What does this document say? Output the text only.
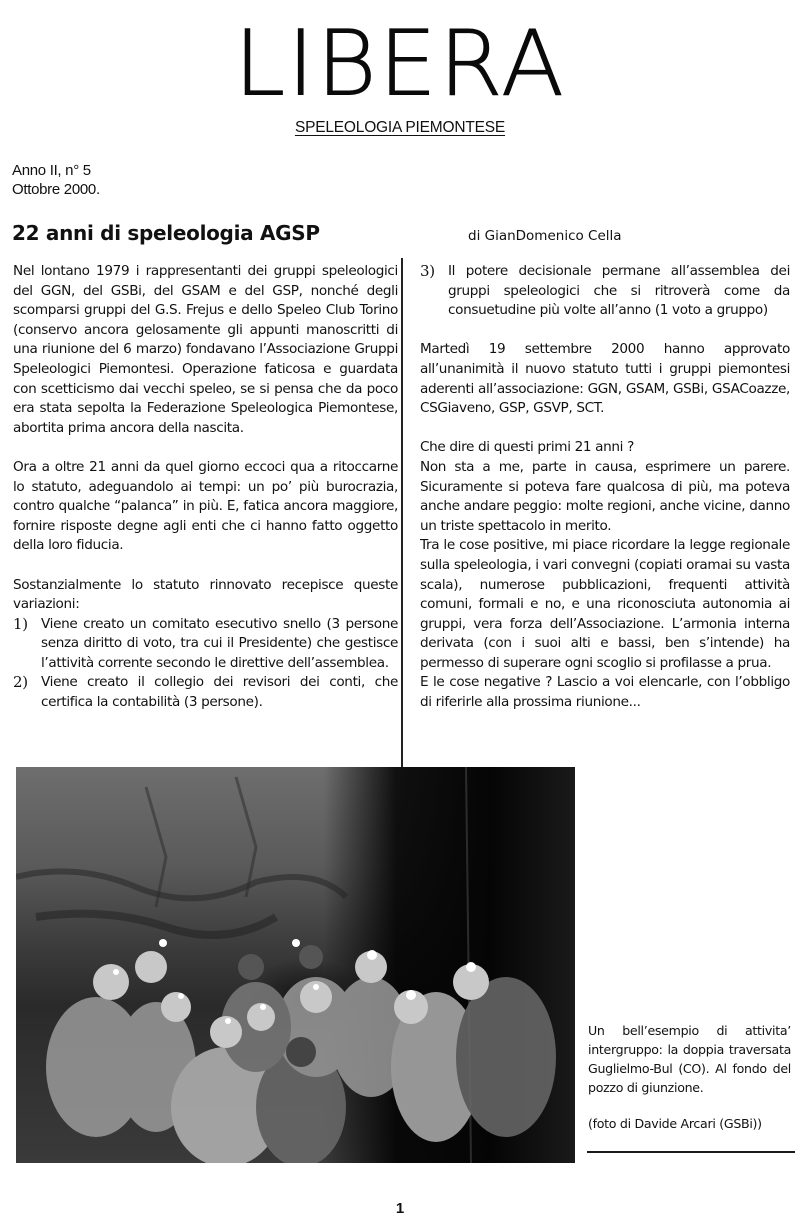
LIBERA
SPELEOLOGIA PIEMONTESE
Anno II, n° 5
Ottobre 2000.
22 anni di speleologia AGSP	di GianDomenico Cella

Nel lontano 1979 i rappresentanti dei gruppi speleologici del GGN, del GSBi, del GSAM e del GSP, nonché degli scomparsi gruppi del G.S. Frejus e dello Speleo Club Torino (conservo ancora gelosamente gli appunti manoscritti di una riunione del 6 marzo) fondavano l’Associazione Gruppi Speleologici Piemontesi. Operazione faticosa e guardata con scetticismo dai vecchi speleo, se si pensa che da poco era stata sepolta la Federazione Speleologica Piemontese, abortita prima ancora della nascita.

Ora a oltre 21 anni da quel giorno eccoci qua a ritoccarne lo statuto, adeguandolo ai tempi: un po’ più burocrazia, contro qualche “palanca” in più. E, fatica ancora maggiore, fornire risposte degne agli enti che ci hanno fatto oggetto della loro fiducia.

Sostanzialmente lo statuto rinnovato recepisce queste variazioni:

1) Viene creato un comitato esecutivo snello (3 persone senza diritto di voto, tra cui il Presidente) che gestisce l’attività corrente secondo le direttive dell’assemblea.

2) Viene creato il collegio dei revisori dei conti, che certifica la contabilità (3 persone).

3) Il potere decisionale permane all’assemblea dei gruppi speleologici che si ritroverà come da consuetudine più volte all’anno (1 voto a gruppo)

Martedì 19 settembre 2000 hanno approvato all’unanimità il nuovo statuto tutti i gruppi piemontesi aderenti all’associazione: GGN, GSAM, GSBi, GSACoazze, CSGiaveno, GSP, GSVP, SCT.

Che dire di questi primi 21 anni ?

Non sta a me, parte in causa, esprimere un parere. Sicuramente si poteva fare qualcosa di più, ma poteva anche andare peggio: molte regioni, anche vicine, danno un triste spettacolo in merito.

Tra le cose positive, mi piace ricordare la legge regionale sulla speleologia, i vari convegni (copiati oramai su vasta scala), numerose pubblicazioni, frequenti attività comuni, formali e no, e una riconosciuta autonomia ai gruppi, vera forza dell’Associazione. L’armonia interna derivata (con i suoi alti e bassi, ben s’intende) ha permesso di superare ogni scoglio si profilasse a prua.

E le cose negative ? Lascio a voi elencarle, con l’obbligo di riferirle alla prossima riunione...

Un bell’esempio di attivita’ intergruppo: la doppia traversata Guglielmo-Bul (CO). Al fondo del pozzo di giunzione.
(foto di Davide Arcari (GSBi))
1
